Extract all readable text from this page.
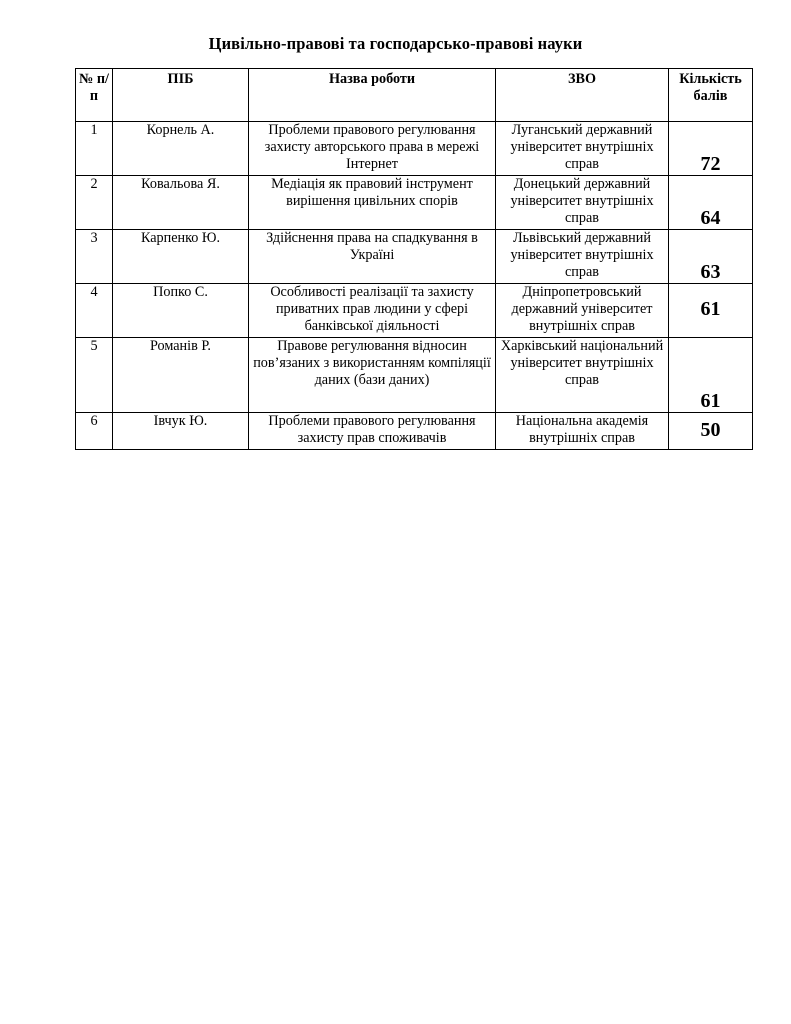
Цивільно-правові та господарсько-правові науки
№ п/п	ПІБ	Назва роботи	ЗВО	Кількість балів
1	Корнель А.	Проблеми правового регулювання захисту авторського права в мережі Інтернет	Луганський державний університет внутрішніх справ	72
2	Ковальова Я.	Медіація як правовий інструмент вирішення цивільних спорів	Донецький державний університет внутрішніх справ	64
3	Карпенко Ю.	Здійснення права на спадкування в Україні	Львівський державний університет внутрішніх справ	63
4	Попко С.	Особливості реалізації та захисту приватних прав людини у сфері банківської діяльності	Дніпропетровський державний університет внутрішніх справ	61
5	Романів Р.	Правове регулювання відносин пов’язаних з використанням компіляції даних (бази даних)	Харківський національний університет внутрішніх справ	61
6	Івчук Ю.	Проблеми правового регулювання захисту прав споживачів	Національна академія внутрішніх справ	50
